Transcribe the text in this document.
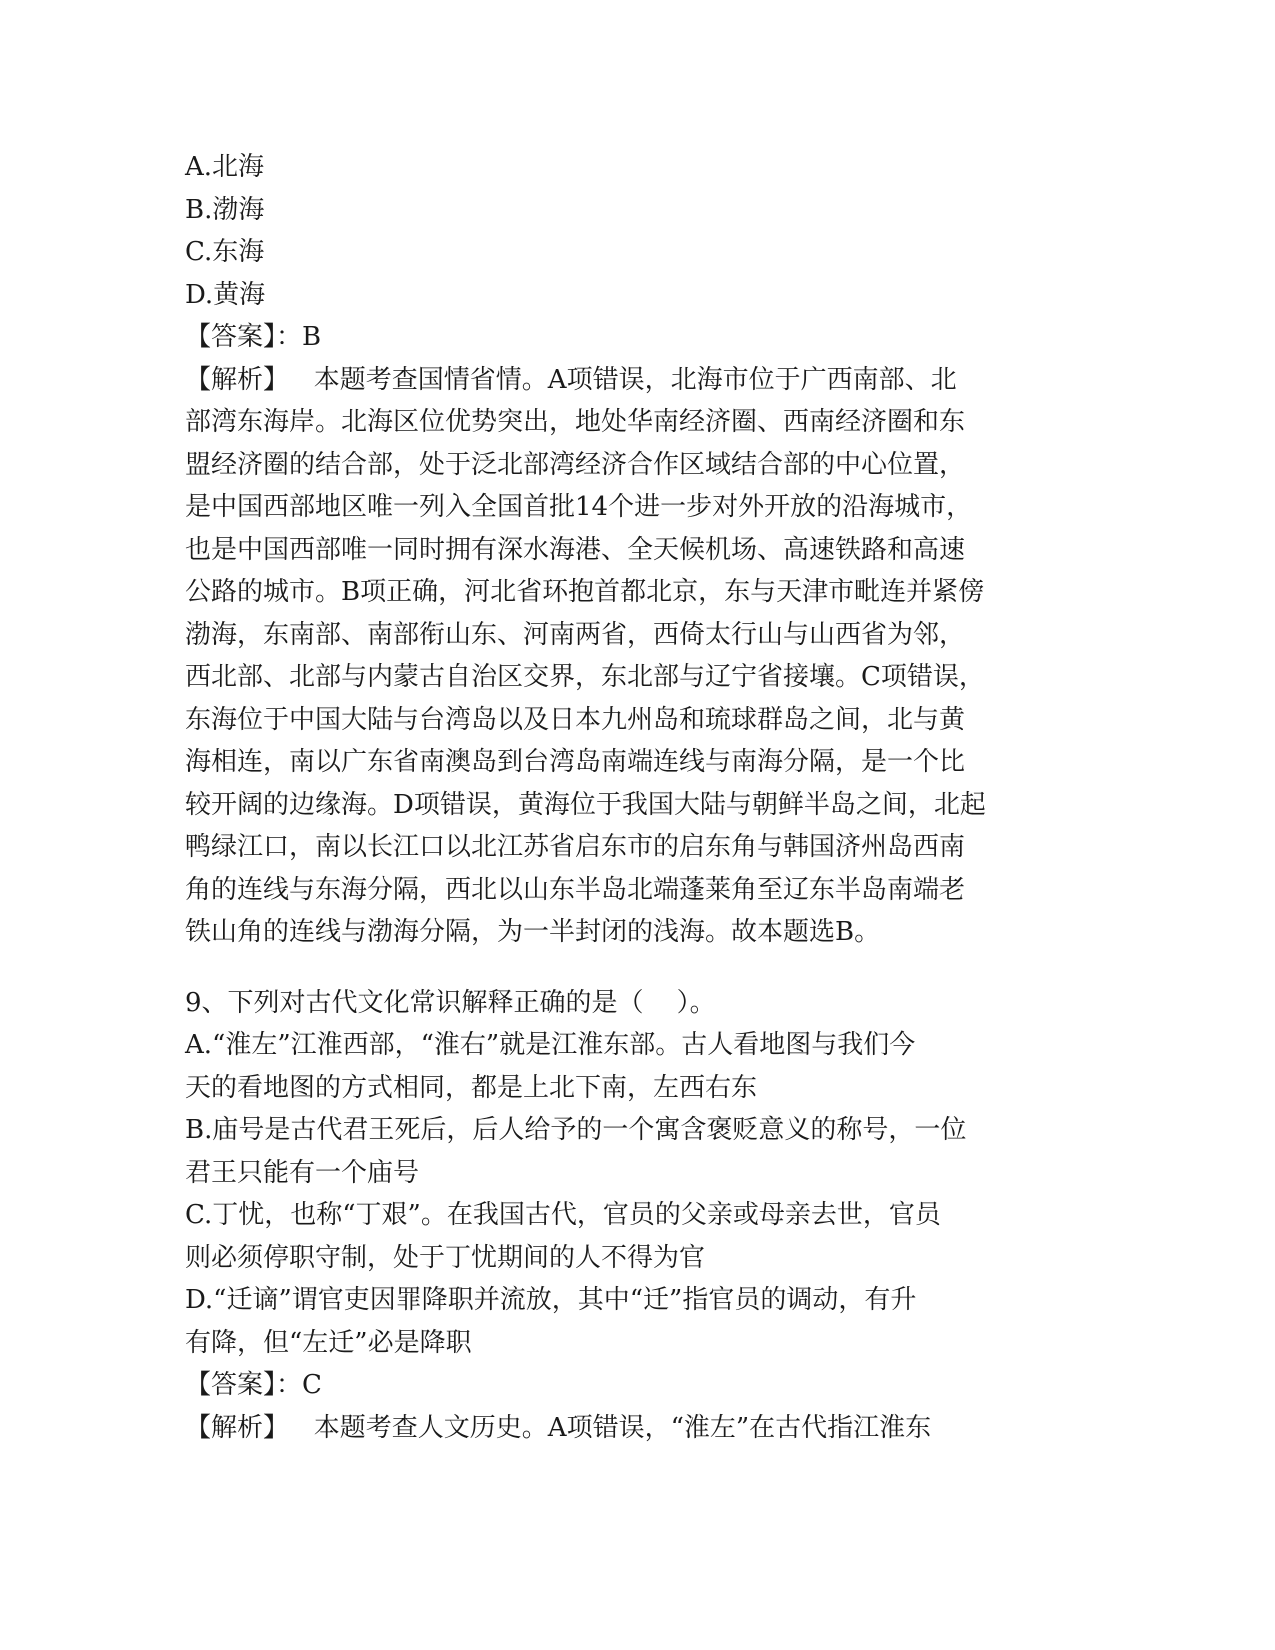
A.北海
B.渤海
C.东海
D.黄海
【答案】：B
【解析】   本题考查国情省情。A项错误，北海市位于广西南部、北
部湾东海岸。北海区位优势突出，地处华南经济圈、西南经济圈和东
盟经济圈的结合部，处于泛北部湾经济合作区域结合部的中心位置，
是中国西部地区唯一列入全国首批14个进一步对外开放的沿海城市，
也是中国西部唯一同时拥有深水海港、全天候机场、高速铁路和高速
公路的城市。B项正确，河北省环抱首都北京，东与天津市毗连并紧傍
渤海，东南部、南部衔山东、河南两省，西倚太行山与山西省为邻，
西北部、北部与内蒙古自治区交界，东北部与辽宁省接壤。C项错误，
东海位于中国大陆与台湾岛以及日本九州岛和琉球群岛之间，北与黄
海相连，南以广东省南澳岛到台湾岛南端连线与南海分隔，是一个比
较开阔的边缘海。D项错误，黄海位于我国大陆与朝鲜半岛之间，北起
鸭绿江口，南以长江口以北江苏省启东市的启东角与韩国济州岛西南
角的连线与东海分隔，西北以山东半岛北端蓬莱角至辽东半岛南端老
铁山角的连线与渤海分隔，为一半封闭的浅海。故本题选B。
9、下列对古代文化常识解释正确的是（    ）。
A.“淮左”江淮西部，“淮右”就是江淮东部。古人看地图与我们今
天的看地图的方式相同，都是上北下南，左西右东
B.庙号是古代君王死后，后人给予的一个寓含褒贬意义的称号，一位
君王只能有一个庙号
C.丁忧，也称“丁艰”。在我国古代，官员的父亲或母亲去世，官员
则必须停职守制，处于丁忧期间的人不得为官
D.“迁谪”谓官吏因罪降职并流放，其中“迁”指官员的调动，有升
有降，但“左迁”必是降职
【答案】：C
【解析】   本题考查人文历史。A项错误，“淮左”在古代指江淮东
